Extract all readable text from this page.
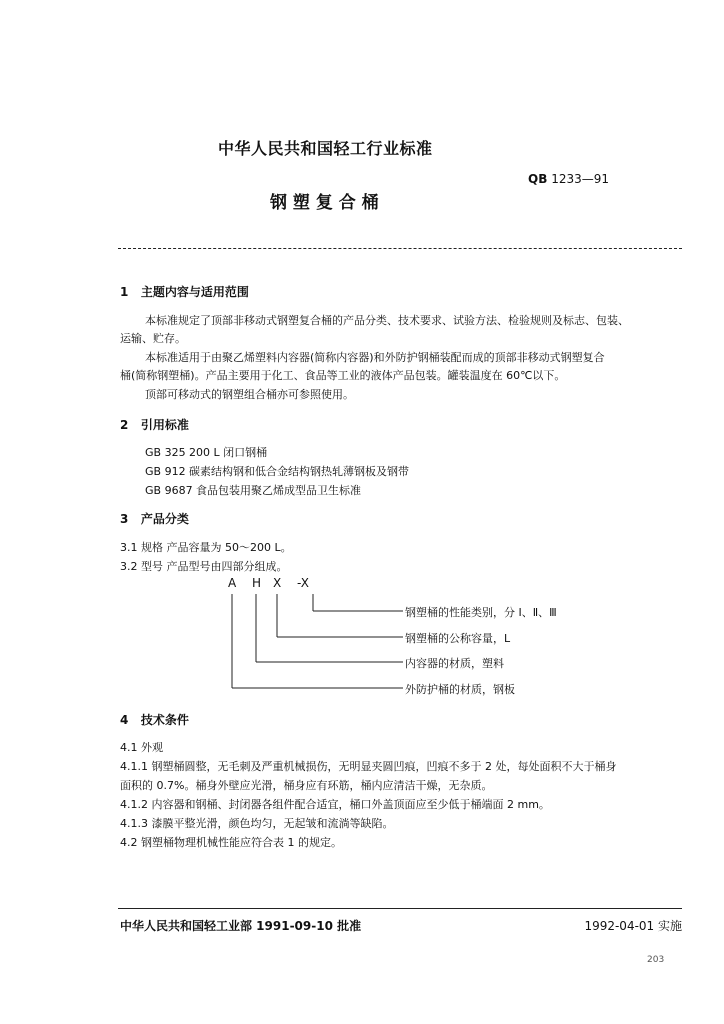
中华人民共和国轻工行业标准
QB 1233—91
钢 塑 复 合 桶
1 主题内容与适用范围
本标准规定了顶部非移动式钢塑复合桶的产品分类、技术要求、试验方法、检验规则及标志、包装、
运输、贮存。
本标准适用于由聚乙烯塑料内容器(简称内容器)和外防护钢桶装配而成的顶部非移动式钢塑复合
桶(简称钢塑桶)。产品主要用于化工、食品等工业的液体产品包装。罐装温度在 60℃以下。
顶部可移动式的钢塑组合桶亦可参照使用。
2 引用标准
GB 325 200 L 闭口钢桶
GB 912 碳素结构钢和低合金结构钢热轧薄钢板及钢带
GB 9687 食品包装用聚乙烯成型品卫生标准
3 产品分类
3.1 规格 产品容量为 50～200 L。
3.2 型号 产品型号由四部分组成。
A H X -X
钢塑桶的性能类别，分 Ⅰ、Ⅱ、Ⅲ
钢塑桶的公称容量，L
内容器的材质，塑料
外防护桶的材质，钢板
4 技术条件
4.1 外观
4.1.1 钢塑桶圆整，无毛刺及严重机械损伤，无明显夹圆凹痕，凹痕不多于 2 处，每处面积不大于桶身
面积的 0.7%。桶身外壁应光滑，桶身应有环筋，桶内应清洁干燥，无杂质。
4.1.2 内容器和钢桶、封闭器各组件配合适宜，桶口外盖顶面应至少低于桶端面 2 mm。
4.1.3 漆膜平整光滑，颜色均匀，无起皱和流淌等缺陷。
4.2 钢塑桶物理机械性能应符合表 1 的规定。
中华人民共和国轻工业部 1991-09-10 批准	1992-04-01 实施
203
